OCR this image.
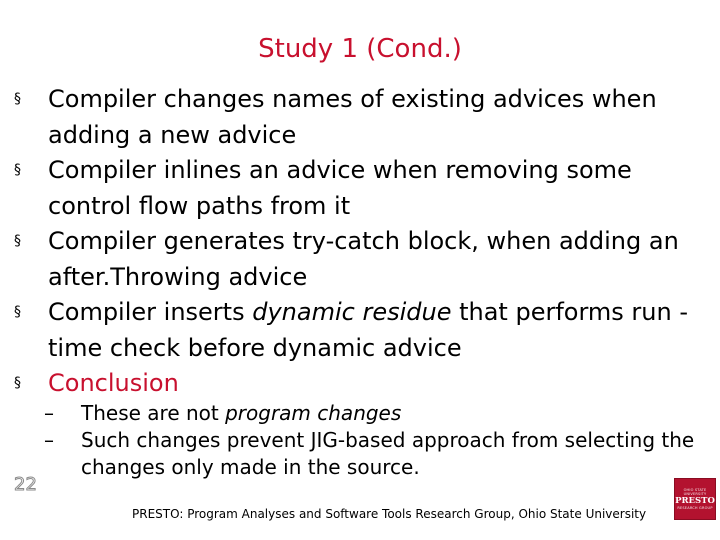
Study 1 (Cond.)
§	Compiler changes names of existing advices when adding a new advice
§	Compiler inlines an advice when removing some control flow paths from it
§	Compiler generates try-catch block, when adding an after.Throwing advice
§	Compiler inserts dynamic residue that performs run -time check before dynamic advice
§	Conclusion
–	These are not program changes
–	Such changes prevent JIG-based approach from selecting the changes only made in the source.
22
PRESTO: Program Analyses and Software Tools Research Group, Ohio State University
OHIO STATE UNIVERSITY
PRESTO
RESEARCH GROUP
